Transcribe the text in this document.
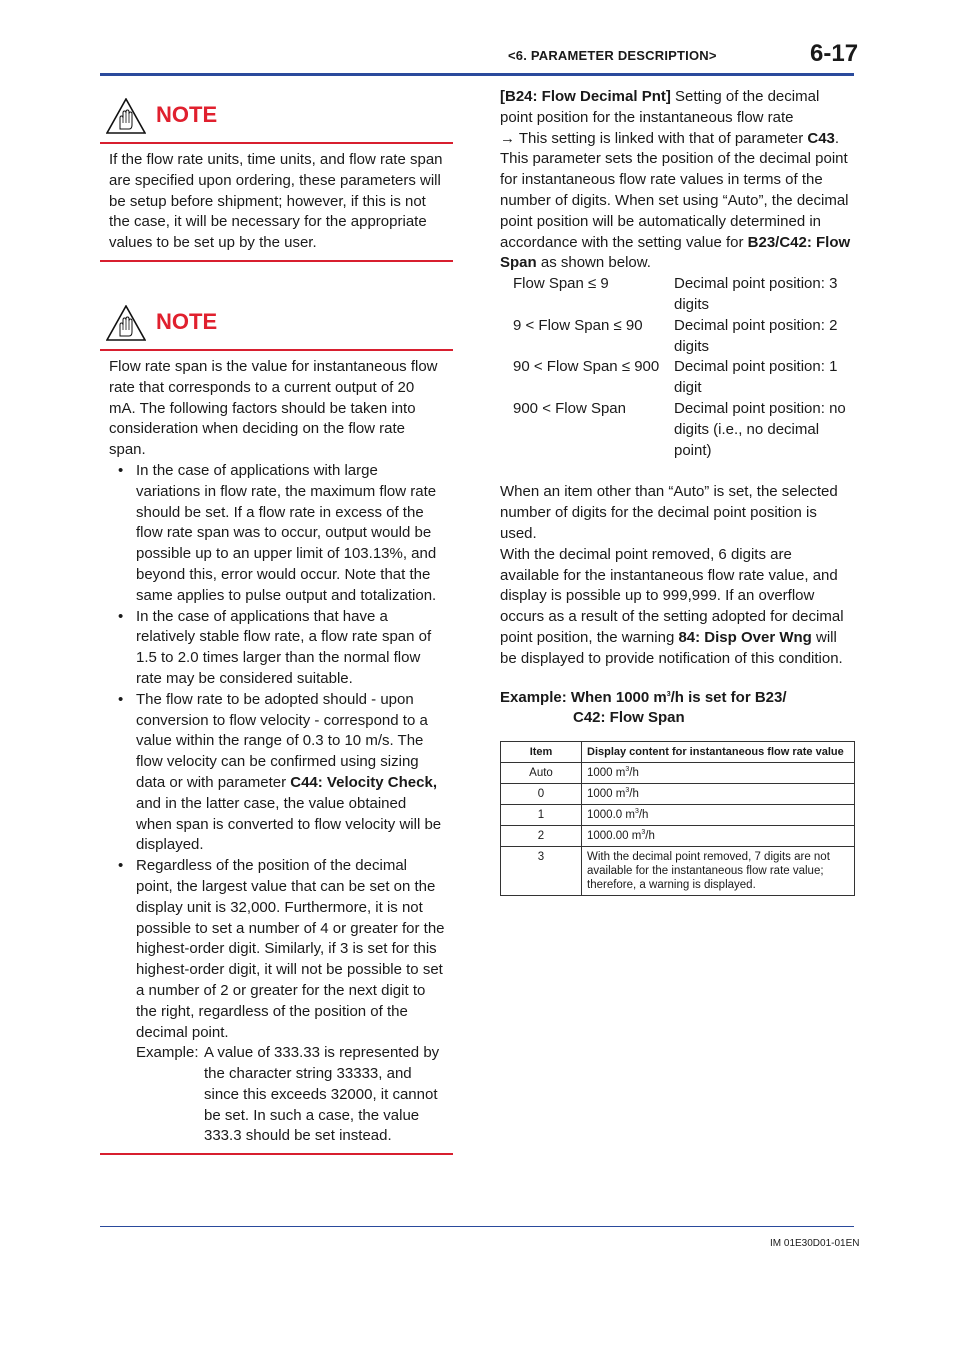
<6. PARAMETER DESCRIPTION>	6-17
NOTE

If the flow rate units, time units, and flow rate span are specified upon ordering, these parameters will be setup before shipment; however, if this is not the case, it will be necessary for the appropriate values to be set up by the user.

NOTE

Flow rate span is the value for instantaneous flow rate that corresponds to a current output of 20 mA. The following factors should be taken into consideration when deciding on the flow rate span.

• In the case of applications with large variations in flow rate, the maximum flow rate should be set. If a flow rate in excess of the flow rate span was to occur, output would be possible up to an upper limit of 103.13%, and beyond this, error would occur. Note that the same applies to pulse output and totalization.
• In the case of applications that have a relatively stable flow rate, a flow rate span of 1.5 to 2.0 times larger than the normal flow rate may be considered suitable.
• The flow rate to be adopted should - upon conversion to flow velocity - correspond to a value within the range of 0.3 to 10 m/s. The flow velocity can be confirmed using sizing data or with parameter C44: Velocity Check, and in the latter case, the value obtained when span is converted to flow velocity will be displayed.
• Regardless of the position of the decimal point, the largest value that can be set on the display unit is 32,000. Furthermore, it is not possible to set a number of 4 or greater for the highest-order digit. Similarly, if 3 is set for this highest-order digit, it will not be possible to set a number of 2 or greater for the next digit to the right, regardless of the position of the decimal point.
Example: A value of 333.33 is represented by the character string 33333, and since this exceeds 32000, it cannot be set. In such a case, the value 333.3 should be set instead.

[B24: Flow Decimal Pnt] Setting of the decimal point position for the instantaneous flow rate

→ This setting is linked with that of parameter C43.

This parameter sets the position of the decimal point for instantaneous flow rate values in terms of the number of digits. When set using “Auto”, the decimal point position will be automatically determined in accordance with the setting value for B23/C42: Flow Span as shown below.

Flow Span ≤ 9	Decimal point position: 3 digits
9 < Flow Span ≤ 90	Decimal point position: 2 digits
90 < Flow Span ≤ 900	Decimal point position: 1 digit
900 < Flow Span	Decimal point position: no digits (i.e., no decimal point)

When an item other than “Auto” is set, the selected number of digits for the decimal point position is used.

With the decimal point removed, 6 digits are available for the instantaneous flow rate value, and display is possible up to 999,999. If an overflow occurs as a result of the setting adopted for decimal point position, the warning 84: Disp Over Wng will be displayed to provide notification of this condition.

Example: When 1000 $m^3/h$ is set for B23/

C42: Flow Span

Item	Display content for instantaneous flow rate value
Auto	1000 $m^3/h$
0	1000 $m^3/h$
1	1000.0 $m^3/h$
2	1000.00 $m^3/h$
3	With the decimal point removed, 7 digits are not available for the instantaneous flow rate value; therefore, a warning is displayed.
IM 01E30D01-01EN
